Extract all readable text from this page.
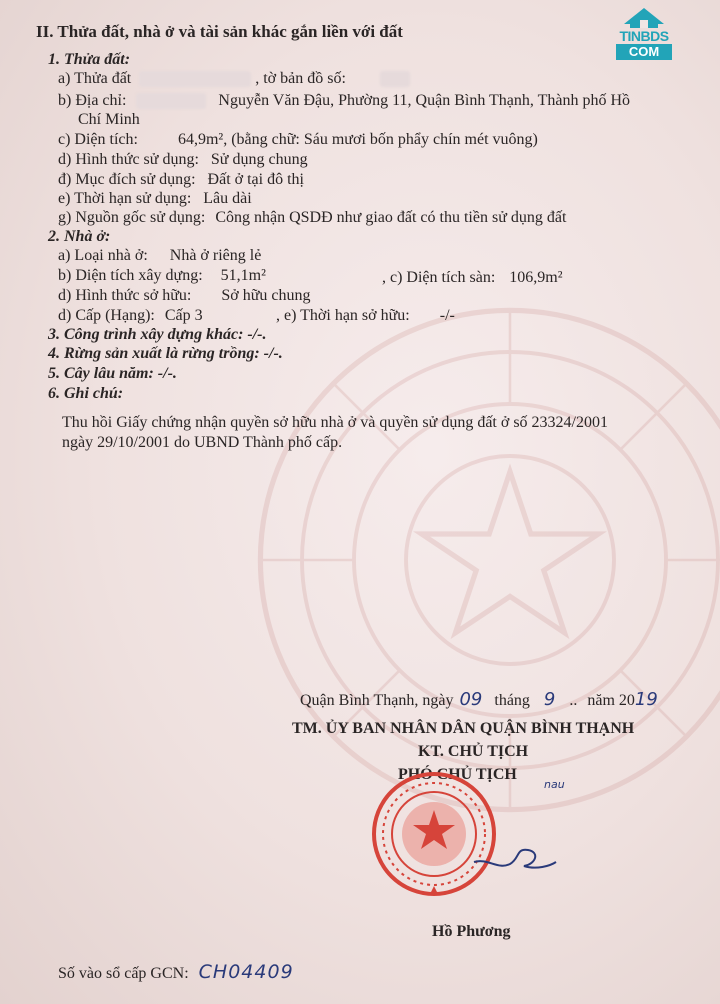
TINBDS
COM
II. Thửa đất, nhà ở và tài sản khác gắn liền với đất
1. Thửa đất:
a) Thửa đất	, tờ bản đồ số:
b) Địa chỉ:	Nguyễn Văn Đậu, Phường 11, Quận Bình Thạnh, Thành phố Hồ
Chí Minh
c) Diện tích:	64,9m², (bằng chữ: Sáu mươi bốn phẩy chín mét vuông)
d) Hình thức sử dụng: Sử dụng chung
đ) Mục đích sử dụng: Đất ở tại đô thị
e) Thời hạn sử dụng: Lâu dài
g) Nguồn gốc sử dụng: Công nhận QSDĐ như giao đất có thu tiền sử dụng đất
2. Nhà ở:
a) Loại nhà ở: Nhà ở riêng lẻ
b) Diện tích xây dựng: 51,1m²	, c) Diện tích sàn: 106,9m²
d) Hình thức sở hữu: Sở hữu chung
d) Cấp (Hạng): Cấp 3	, e) Thời hạn sở hữu: -/-
3. Công trình xây dựng khác: -/-.
4. Rừng sản xuất là rừng trồng: -/-.
5. Cây lâu năm: -/-.
6. Ghi chú:
Thu hồi Giấy chứng nhận quyền sở hữu nhà ở và quyền sử dụng đất ở số 23324/2001
ngày 29/10/2001 do UBND Thành phố cấp.
Quận Bình Thạnh, ngày 09 tháng 9 .. năm 2019
TM. ỦY BAN NHÂN DÂN QUẬN BÌNH THẠNH
KT. CHỦ TỊCH
PHÓ CHỦ TỊCH
nau
Hồ Phương
Số vào sổ cấp GCN: CH04409
